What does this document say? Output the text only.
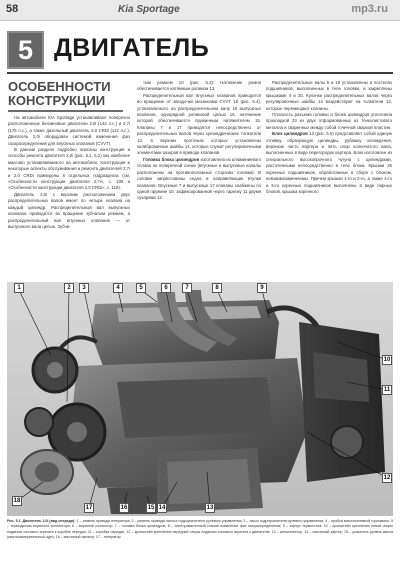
58	Kia Sportage	mp3.ru
5 ДВИГАТЕЛЬ
ОСОБЕННОСТИ КОНСТРУКЦИИ

На автомобили KIA Sportage устанавливают поперечно расположенные бензиновые двигатели 2,0i (142 л.с.) и 2,7i (175 л.с.), а также дизельный двигатель 2,0 CRDi (112 л.с.). Двигатель 2,0i оборудован системой изменения фаз газораспределения для впускных клапанов (CVVT).

В данном разделе подробно описаны конструкция и способы ремонта двигателя 2,0i (рис. 5.1, 5.2) как наиболее массово устанавливаемого на автомобили. Конструкция и некоторые аспекты обслуживания и ремонта двигателей 2,7i и 2,0 CRDi приведены в отдельных подразделах (см. «Особенности конструкции двигателя 2,7i», с. 109 и «Особенности конструкции двигателя 2,0 CRDi», с. 118).

Двигатель 2,0i с верхним расположением двух распределительных валов имеет по четыре клапана на каждый цилиндр. Распределительный вал выпускных клапанов приводится во вращение зубчатым ремнем, а распределительный вал впускных клапанов — от выпускного вала цепью. Зубча-

тым ремнем 10 (рис. 5.3). Натяжение ремня обеспечивается натяжным роликом 13.

Распределительный вал впускных клапанов приводится во вращение от звездочки механизма CVVT 18 (рис. 5.4), установленного на распределительном валу 19 выпускных клапанов, однорядной роликовой цепью 16, натяжение которой обеспечивается пружинным натяжителем 15. Клапаны 7 и 17 приводятся непосредственно от распределительных валов через цилиндрические толкатели 13, в верхних проточках которых установлены калиброванные шайбы 14, которые служат регулировочными элементами зазоров в приводе клапанов.

Головка блока цилиндров изготовлена из алюминиевого сплава по поперечной схеме (впускные и выпускные каналы расположены на противоположных сторонах головки). В головке запрессованы седла и направляющие втулки клапанов. Впускные 7 и выпускные 17 клапаны снабжены по одной пружине 10, зафиксированной через тарелку 11 двумя сухарями 12.

Распределительные валы 5 и 19 установлены в постелях подшипников, выполненных в теле головки, и закреплены крышками 4 и 20. Кулачки распределительных валов через регулировочные шайбы 14 воздействуют на толкатели 13, которые перемещают клапаны.

Плоскость разъема головки и блока цилиндров уплотнена прокладкой 23 из двух отформованных из тонколистового металла и сваренных между собой точечной сваркой пластин.

Блок цилиндров 13 (рис. 5.5) представляет собой единую отливку, образующую цилиндры, рубашку охлаждения, верхнюю часть картера и пять опор коленчатого вала, выполненных в виде перегородок картера. Блок изготовлен из специального высокопрочного чугуна с цилиндрами, расточенными непосредственно в теле блока. Крышки 25 коренных подшипников, обработанные в сборе с блоком, невзаимозаменяемы. Причем крышки 1-го и 2-го, а также 4-го и 5-го коренных подшипников выполнены в виде парных блоков, крышка коренного

1	2	3	4	5	6	7	8	9
10
11
12
18
17	16	15 14	13
Рис. 5.1. Двигатель 2,0i (вид спереди): 1 – ремень привода генератора; 2 – ремень привода насоса гидроусилителя рулевого управления; 3 – насос гидроусилителя рулевого управления; 4 – пробка маслоналивной горловины; 5 – термодатчик впускного коллектора; 6 – впускной коллектор; 7 – головка блока цилиндров; 8 – электромагнитный клапан изменения фаз газораспределения; 9 – корпус термостата; 10 – кронштейн крепления левой опоры подвески силового агрегата к коробке передач; 11 – коробка передач; 12 – кронштейн крепления передней опоры подвески силового агрегата к двигателю; 13 – катколлектор; 14 – масляный картер; 15 – указатель уровня масла (маслоизмерительный щуп); 16 – масляный фильтр; 17 – генератор
